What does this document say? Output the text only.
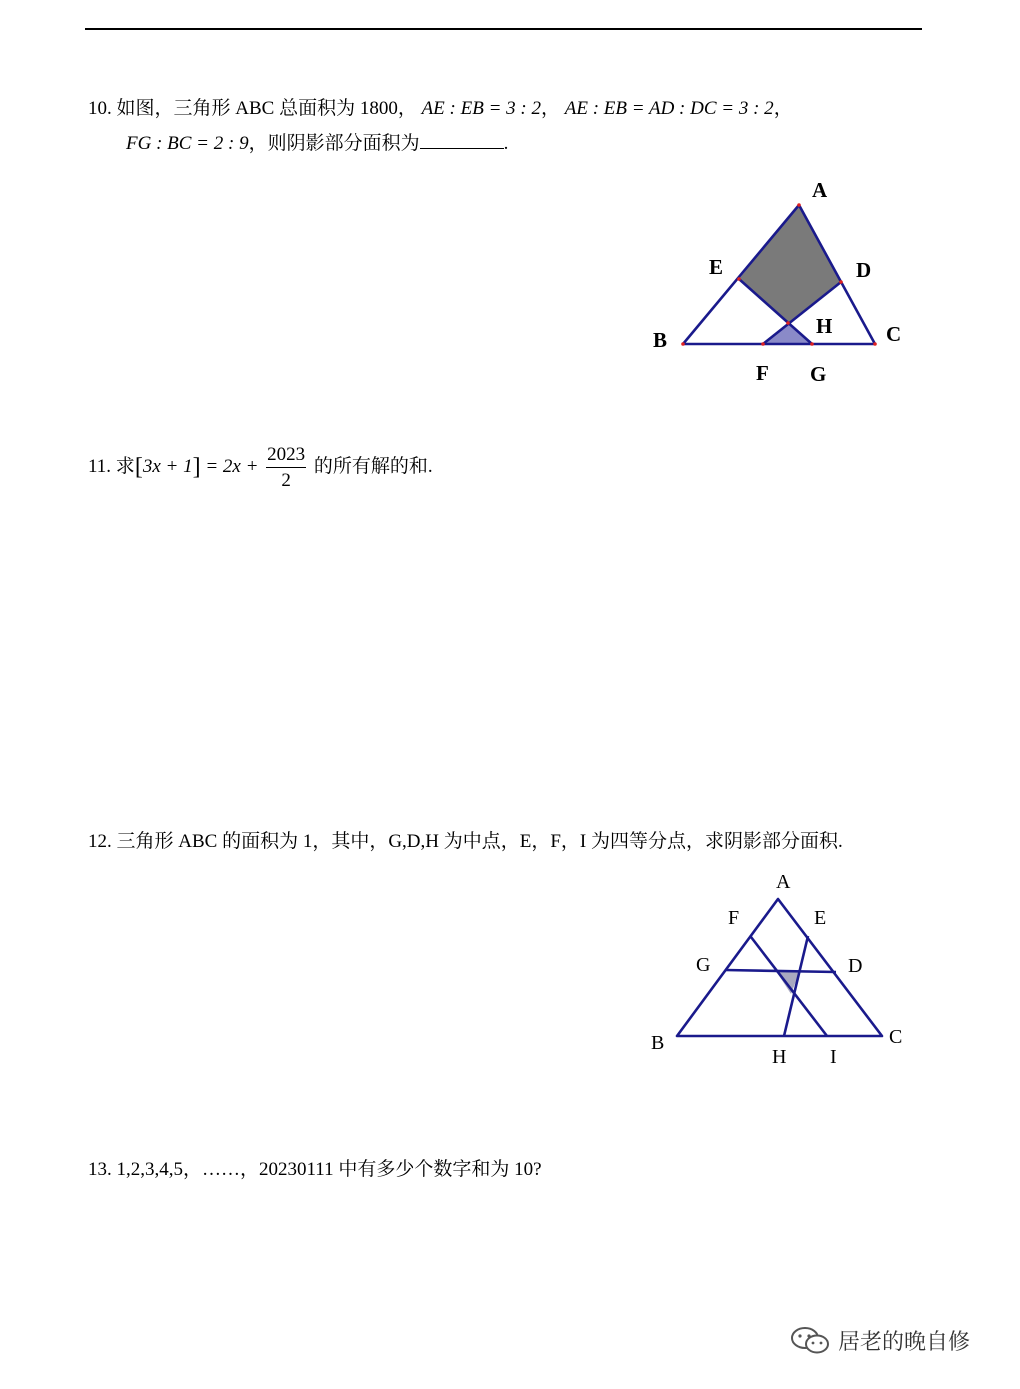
10. 如图，三角形 ABC 总面积为 1800， AE : EB = 3 : 2， AE : EB = AD : DC = 3 : 2，
FG : BC = 2 : 9，则阴影部分面积为	.
A
E	D
H
B	C
F G
11. 求$[3x + 1] = 2x + \frac{2023}{2}$ 的所有解的和.
12. 三角形 ABC 的面积为 1，其中，G,D,H 为中点，E，F，I 为四等分点，求阴影部分面积.
A
F	E
G	D
B
H I
C
13. 1,2,3,4,5，……，20230111 中有多少个数字和为 10?
居老的晚自修
